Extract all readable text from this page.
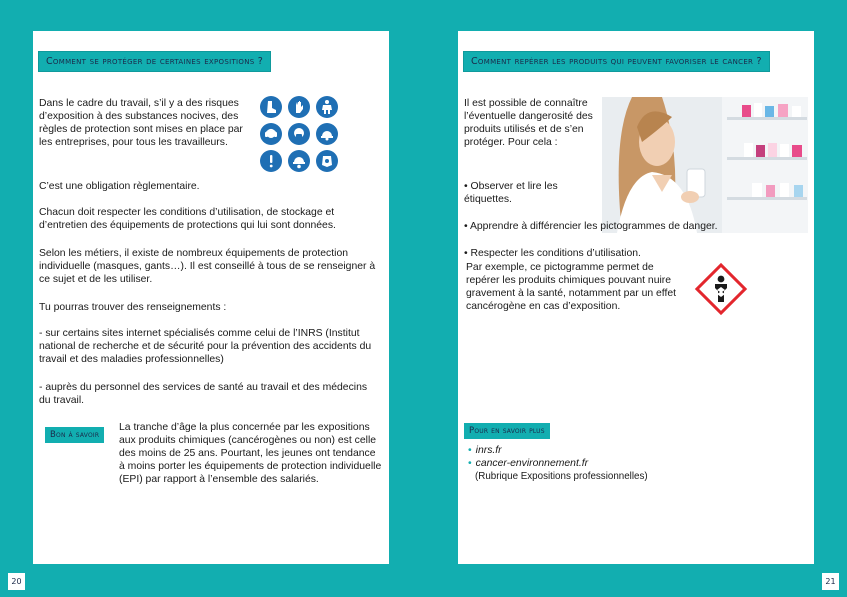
Comment se protéger de certaines expositions ?
Dans le cadre du travail, s’il y a des risques d’exposition à des substances nocives, des règles de protection sont mises en place par les entreprises, pour tous les travailleurs.
C’est une obligation règlementaire.
Chacun doit respecter les conditions d’utilisation, de stockage et d’entretien des équipements de protections qui lui sont données.
Selon les métiers, il existe de nombreux équipements de protection individuelle (masques, gants…). Il est conseillé à tous de se renseigner à ce sujet et de les utiliser.
Tu pourras trouver des renseignements :
- sur certains sites internet spécialisés comme celui de l’INRS (Institut national de recherche et de sécurité pour la prévention des accidents du travail et des maladies professionnelles)
- auprès du personnel des services de santé au travail et des médecins du travail.
Bon à savoir
La tranche d’âge la plus concernée par les expositions aux produits chimiques (cancérogènes ou non) est celle des moins de 25 ans. Pourtant, les jeunes ont tendance à moins porter les équipements de protection individuelle (EPI) par rapport à l’ensemble des salariés.
Comment repérer les produits qui peuvent favoriser le cancer ?
Il est possible de connaître l’éventuelle dangerosité des produits utilisés et de s’en protéger. Pour cela :
• Observer et lire les étiquettes.
• Apprendre à différencier les pictogrammes de danger.
• Respecter les conditions d’utilisation.
Par exemple, ce pictogramme permet de repérer les produits chimiques pouvant nuire gravement à la santé, notamment par un effet cancérogène en cas d’exposition.
Pour en savoir plus
• inrs.fr
• cancer-environnement.fr
(Rubrique Expositions professionnelles)
20	21
